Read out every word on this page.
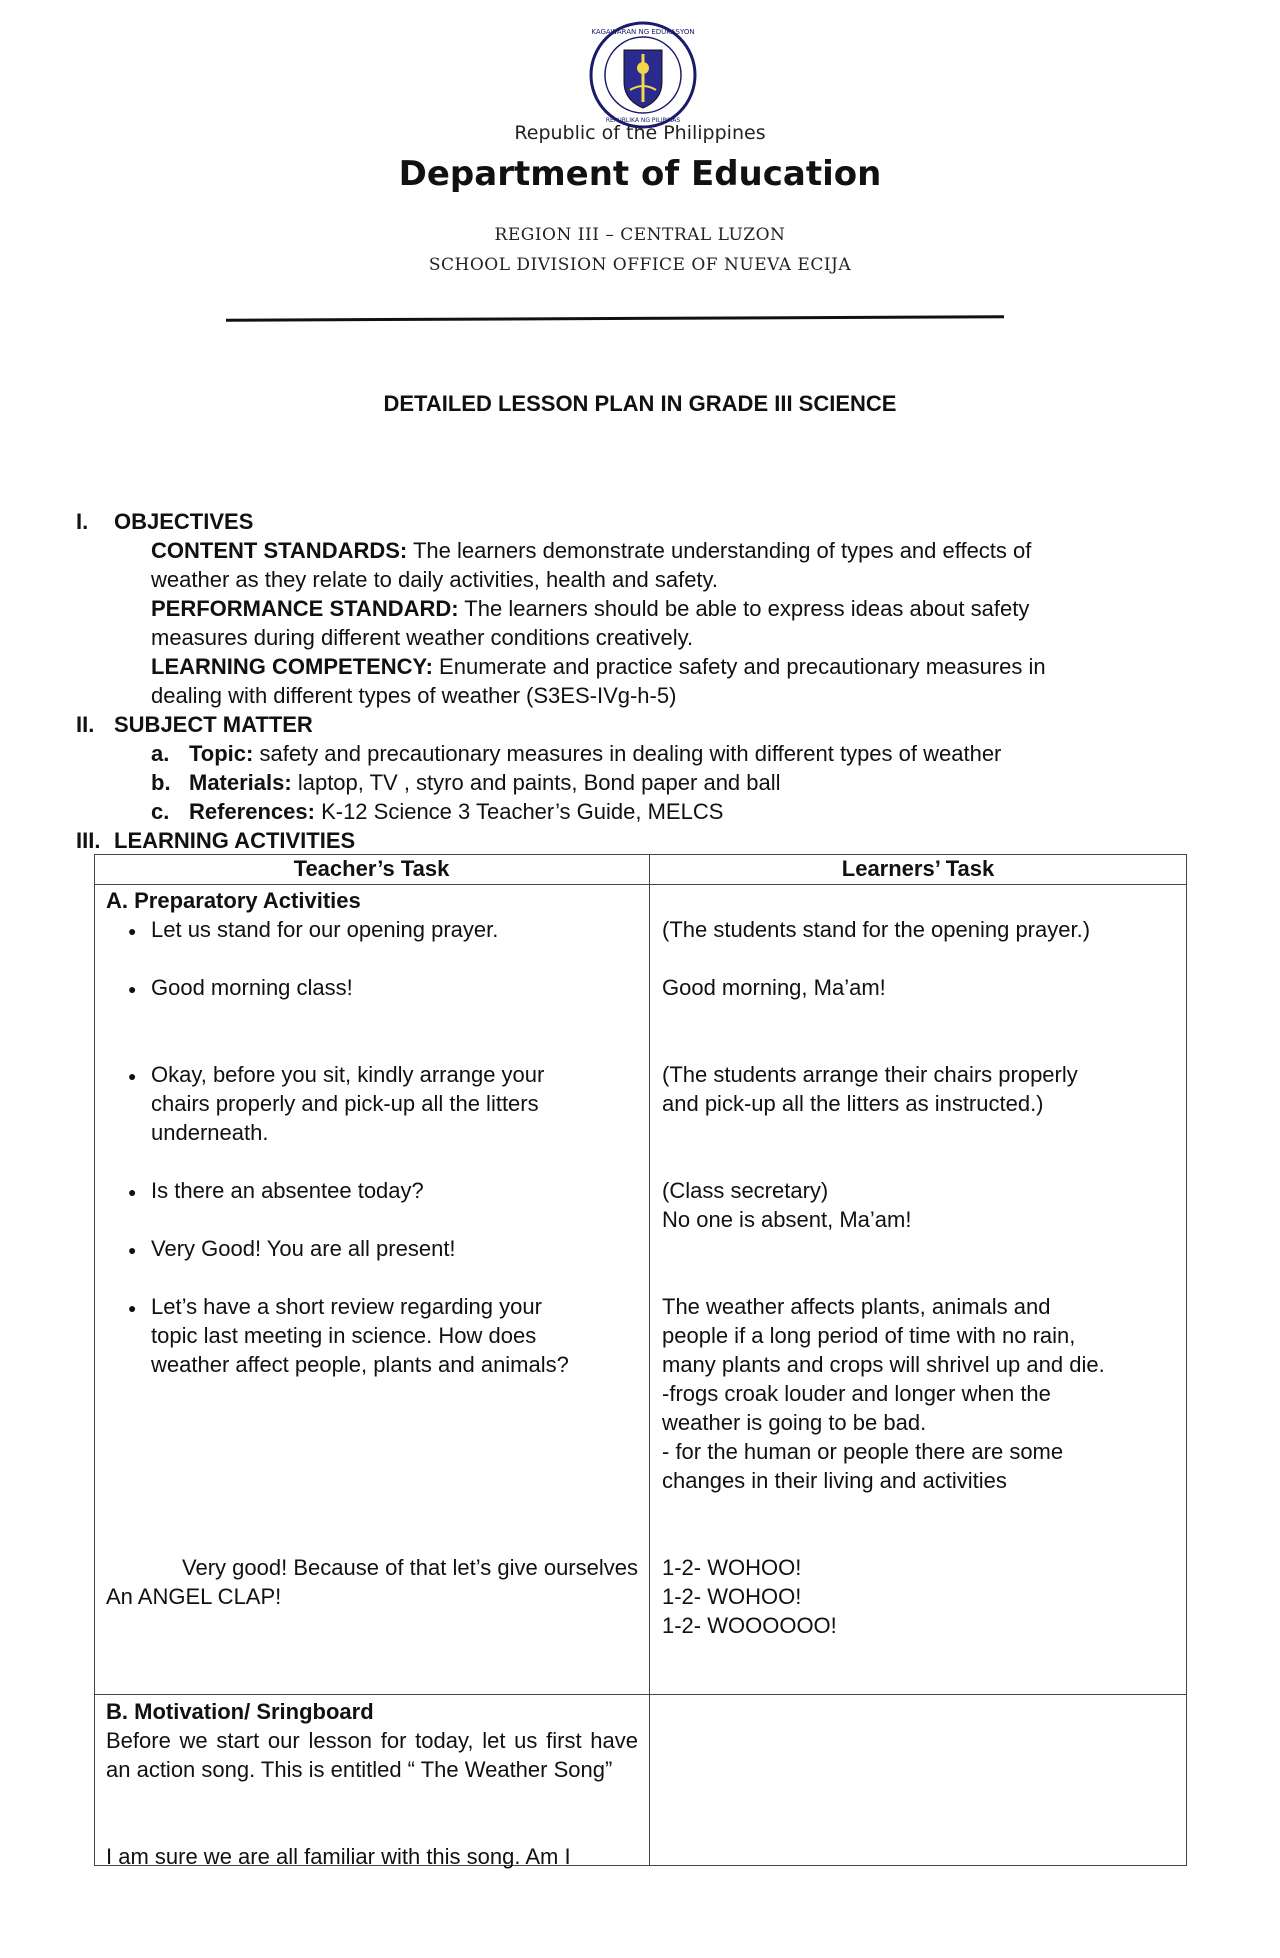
KAGAWARAN NG EDUKASYON
REPUBLIKA NG PILIPINAS
Republic of the Philippines
Department of Education
REGION III – CENTRAL LUZON
SCHOOL DIVISION OFFICE OF NUEVA ECIJA
DETAILED LESSON PLAN IN GRADE III SCIENCE
I. OBJECTIVES
CONTENT STANDARDS: The learners demonstrate understanding of types and effects of
weather as they relate to daily activities, health and safety.
PERFORMANCE STANDARD: The learners should be able to express ideas about safety
measures during different weather conditions creatively.
LEARNING COMPETENCY: Enumerate and practice safety and precautionary measures in
dealing with different types of weather (S3ES-IVg-h-5)
II. SUBJECT MATTER
a. Topic: safety and precautionary measures in dealing with different types of weather
b. Materials: laptop, TV , styro and paints, Bond paper and ball
c. References: K-12 Science 3 Teacher’s Guide, MELCS
III. LEARNING ACTIVITIES
Teacher’s Task	Learners’ Task
A. Preparatory Activities
Let us stand for our opening prayer.
Good morning class!
Okay, before you sit, kindly arrange your
chairs properly and pick-up all the litters
underneath.
Is there an absentee today?
Very Good! You are all present!
Let’s have a short review regarding your
topic last meeting in science. How does
weather affect people, plants and animals?
●
●
●
●
●
●
Very good! Because of that let’s give ourselves An ANGEL CLAP!
(The students stand for the opening prayer.)
Good morning, Ma’am!
(The students arrange their chairs properly
and pick-up all the litters as instructed.)
(Class secretary)
No one is absent, Ma’am!
The weather affects plants, animals and
people if a long period of time with no rain,
many plants and crops will shrivel up and die.
-frogs croak louder and longer when the
weather is going to be bad.
- for the human or people there are some
changes in their living and activities
1-2- WOHOO!
1-2- WOHOO!
1-2- WOOOOOO!
B. Motivation/ Sringboard
Before we start our lesson for today, let us first have an action song. This is entitled “ The Weather Song”
I am sure we are all familiar with this song. Am I
